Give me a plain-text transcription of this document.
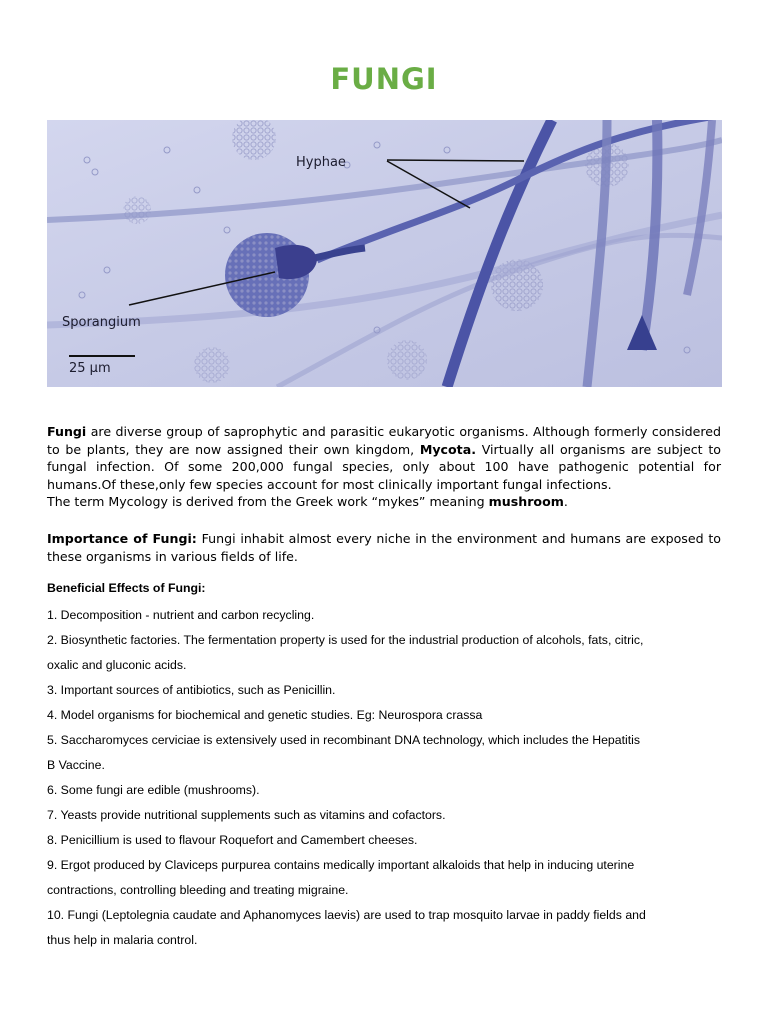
FUNGI
Hyphae
Sporangium
25 µm

Fungi are diverse group of saprophytic and parasitic eukaryotic organisms. Although formerly considered to be plants, they are now assigned their own kingdom, Mycota. Virtually all organisms are subject to fungal infection. Of some 200,000 fungal species, only about 100 have pathogenic potential for humans.Of these,only few species account for most clinically important fungal infections.
The term Mycology is derived from the Greek work “mykes” meaning mushroom.

Importance of Fungi: Fungi inhabit almost every niche in the environment and humans are exposed to these organisms in various fields of life.

Beneficial Effects of Fungi:

1. Decomposition - nutrient and carbon recycling.
2. Biosynthetic factories. The fermentation property is used for the industrial production of alcohols, fats, citric,
oxalic and gluconic acids.
3. Important sources of antibiotics, such as Penicillin.
4. Model organisms for biochemical and genetic studies. Eg: Neurospora crassa
5. Saccharomyces cerviciae is extensively used in recombinant DNA technology, which includes the Hepatitis
B Vaccine.
6. Some fungi are edible (mushrooms).
7. Yeasts provide nutritional supplements such as vitamins and cofactors.
8. Penicillium is used to flavour Roquefort and Camembert cheeses.
9. Ergot produced by Claviceps purpurea contains medically important alkaloids that help in inducing uterine
contractions, controlling bleeding and treating migraine.
10. Fungi (Leptolegnia caudate and Aphanomyces laevis) are used to trap mosquito larvae in paddy fields and
thus help in malaria control.
